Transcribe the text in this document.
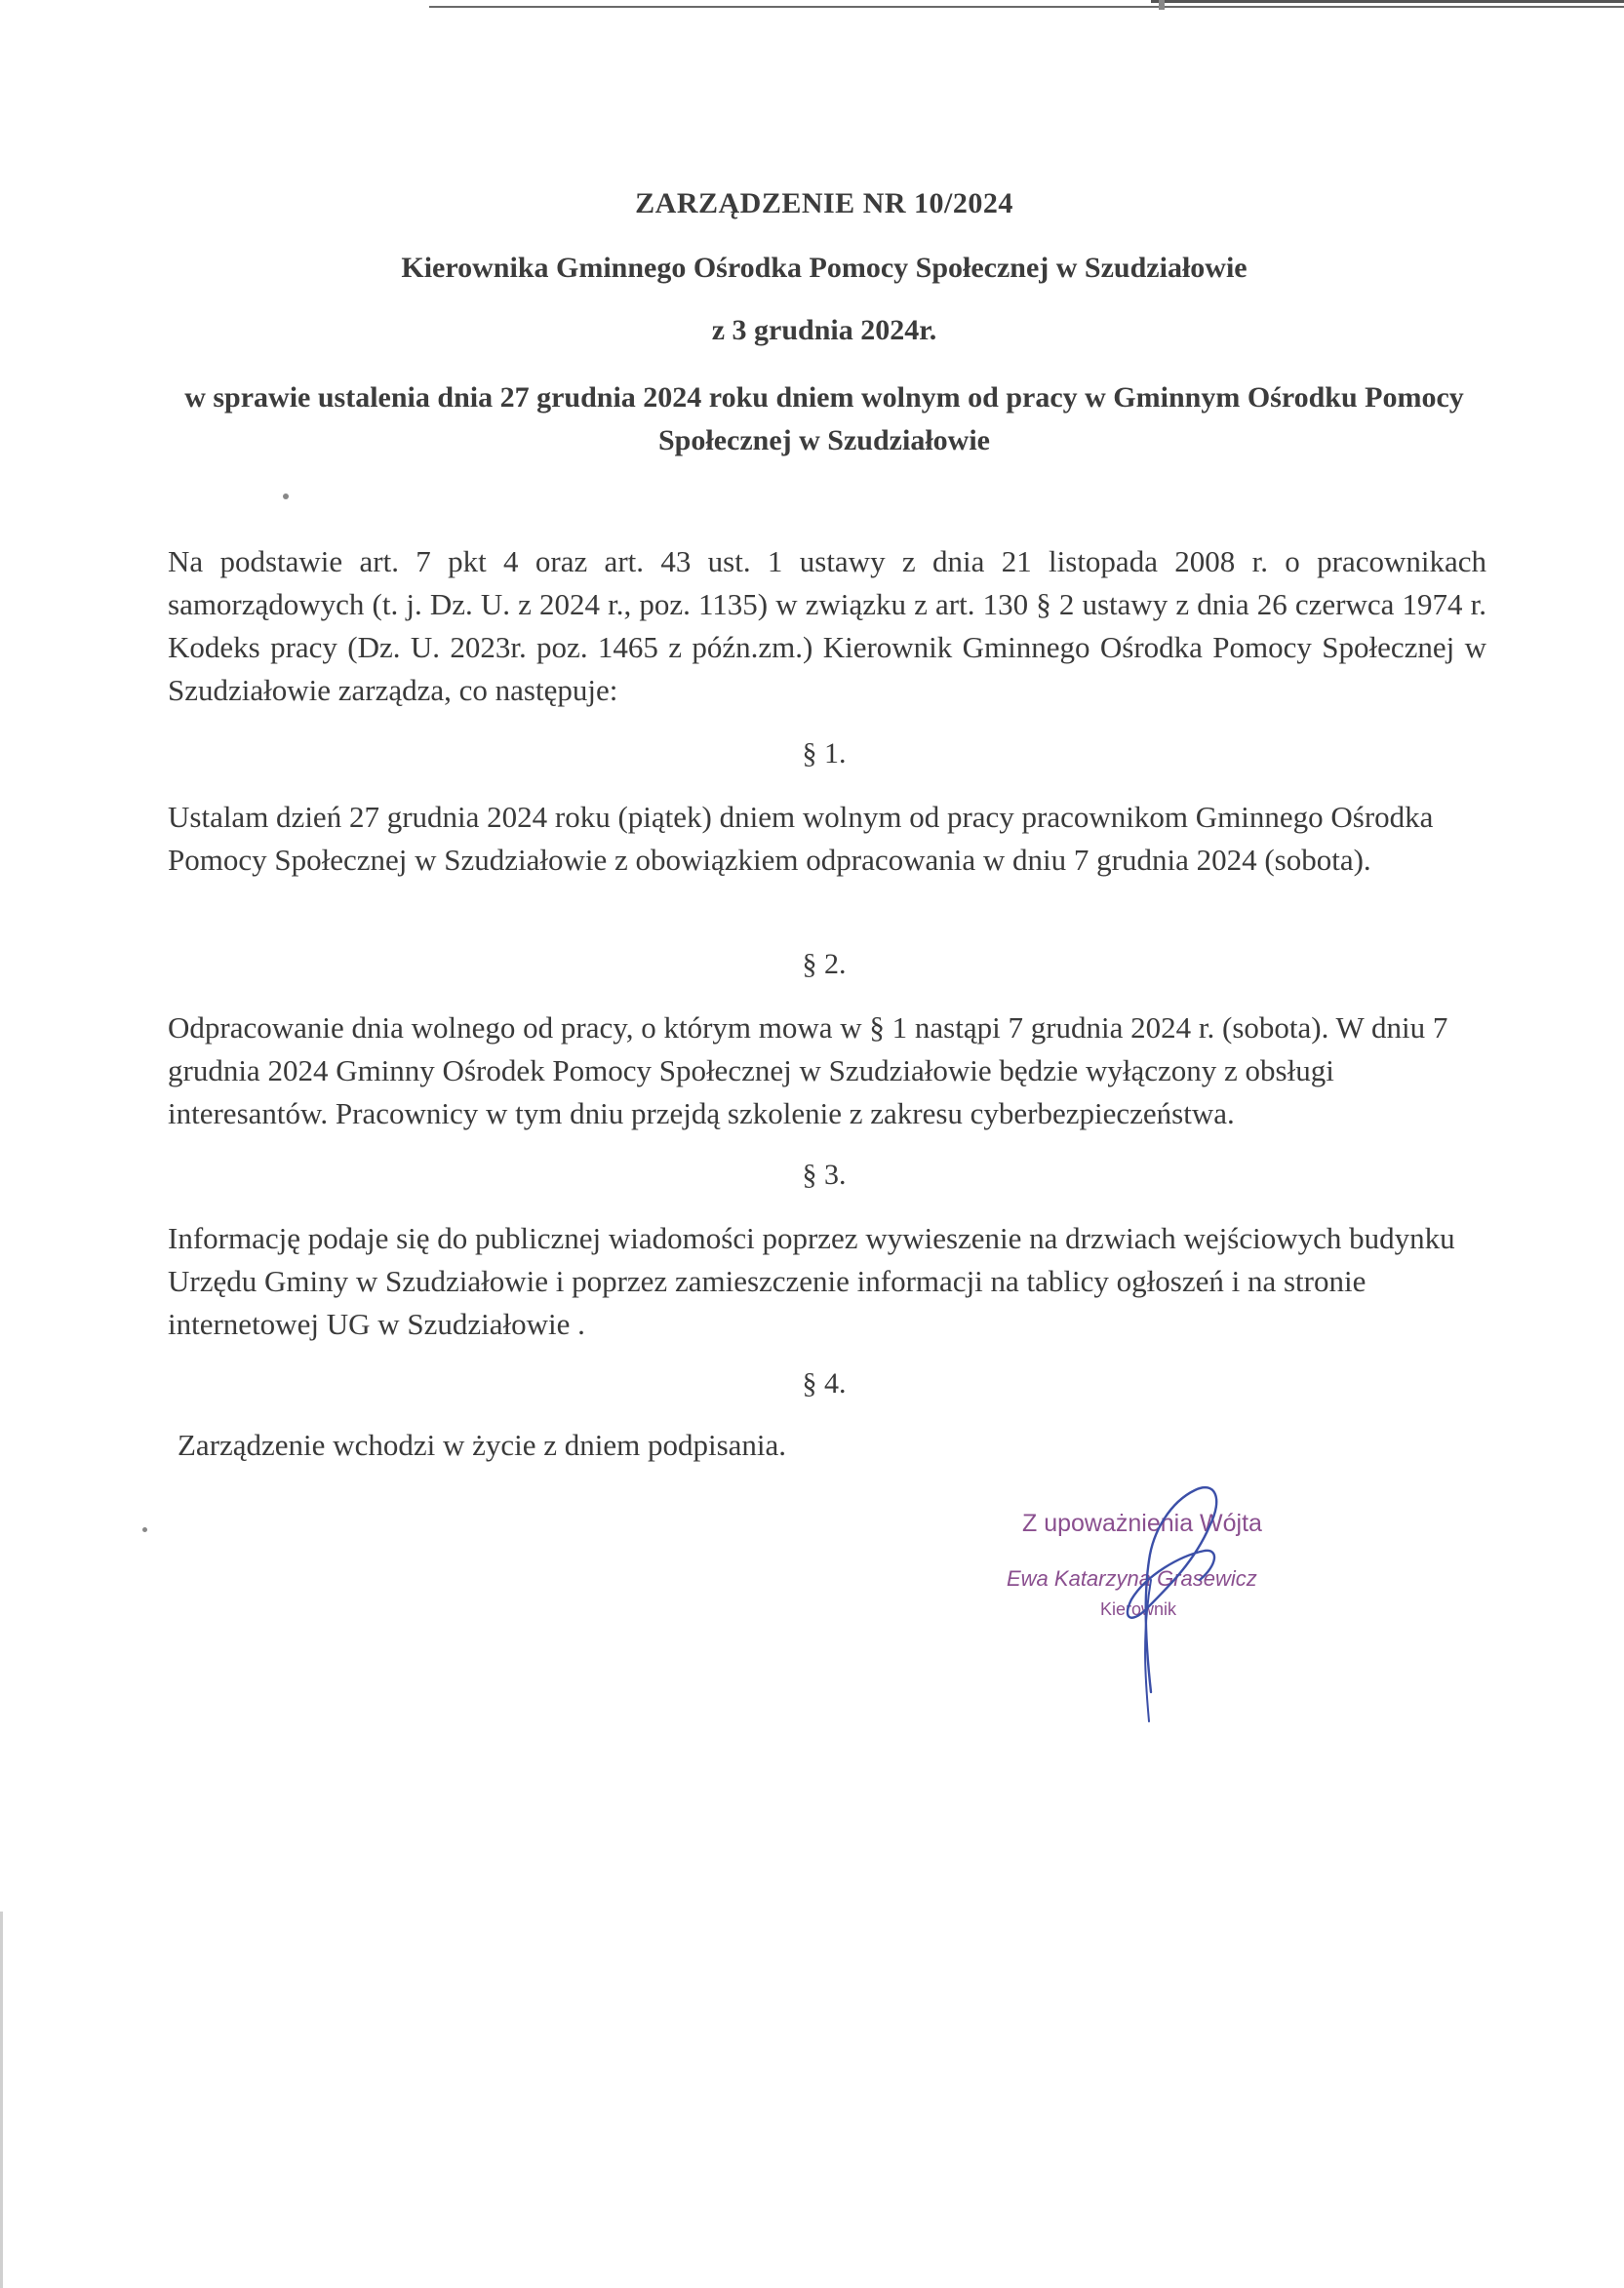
ZARZĄDZENIE NR 10/2024
Kierownika Gminnego Ośrodka Pomocy Społecznej w Szudziałowie
z 3 grudnia 2024r.
w sprawie ustalenia dnia 27 grudnia 2024 roku dniem wolnym od pracy w Gminnym Ośrodku Pomocy Społecznej w Szudziałowie
Na podstawie art. 7 pkt 4 oraz art. 43 ust. 1 ustawy z dnia 21 listopada 2008 r. o pracownikach samorządowych (t. j. Dz. U. z 2024 r., poz. 1135) w związku z art. 130 § 2 ustawy z dnia 26 czerwca 1974 r. Kodeks pracy (Dz. U. 2023r. poz. 1465 z późn.zm.) Kierownik Gminnego Ośrodka Pomocy Społecznej w Szudziałowie zarządza, co następuje:
§ 1.
Ustalam dzień 27 grudnia 2024 roku (piątek) dniem wolnym od pracy pracownikom Gminnego Ośrodka Pomocy Społecznej w Szudziałowie z obowiązkiem odpracowania w dniu 7 grudnia 2024 (sobota).
§ 2.
Odpracowanie dnia wolnego od pracy, o którym mowa w § 1 nastąpi 7 grudnia 2024 r. (sobota). W dniu 7 grudnia 2024 Gminny Ośrodek Pomocy Społecznej w Szudziałowie będzie wyłączony z obsługi interesantów. Pracownicy w tym dniu przejdą szkolenie z zakresu cyberbezpieczeństwa.
§ 3.
Informację podaje się do publicznej wiadomości poprzez wywieszenie na drzwiach wejściowych budynku Urzędu Gminy w Szudziałowie i poprzez zamieszczenie informacji na tablicy ogłoszeń i na stronie internetowej UG w Szudziałowie .
§ 4.
Zarządzenie wchodzi w życie z dniem podpisania.
Z upoważnienia Wójta
Ewa Katarzyna Grasewicz
Kierownik
